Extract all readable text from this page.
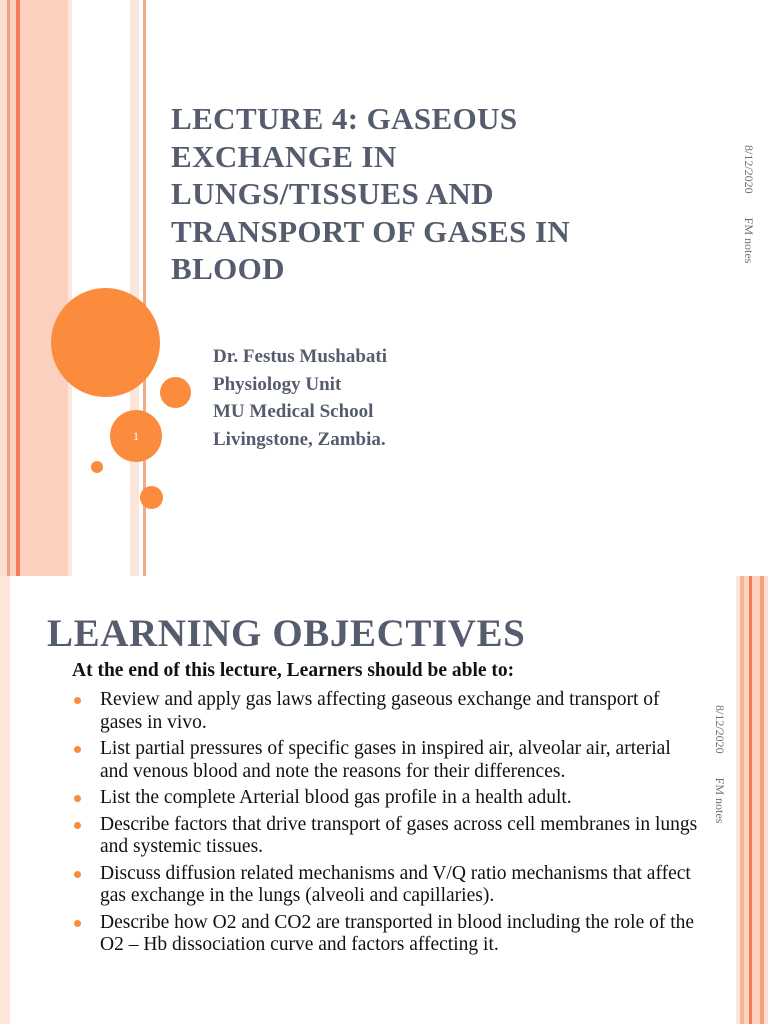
1
LECTURE 4: GASEOUS EXCHANGE IN LUNGS/TISSUES AND TRANSPORT OF GASES IN BLOOD
Dr. Festus Mushabati
Physiology Unit
MU Medical School
Livingstone, Zambia.
8/12/2020FM notes
LEARNING OBJECTIVES
At the end of this lecture, Learners should be able to:
Review and apply gas laws affecting gaseous exchange and transport of gases in vivo.
List partial pressures of specific gases in inspired air, alveolar air, arterial and venous blood and note the reasons for their differences.
List the complete Arterial blood gas profile in a health adult.
Describe factors that drive transport of gases across cell membranes in lungs and systemic tissues.
Discuss diffusion related mechanisms and V/Q ratio mechanisms that affect gas exchange in the lungs (alveoli and capillaries).
Describe how O2 and CO2 are transported in blood including the role of the O2 – Hb dissociation curve and factors affecting it.
8/12/2020FM notes
